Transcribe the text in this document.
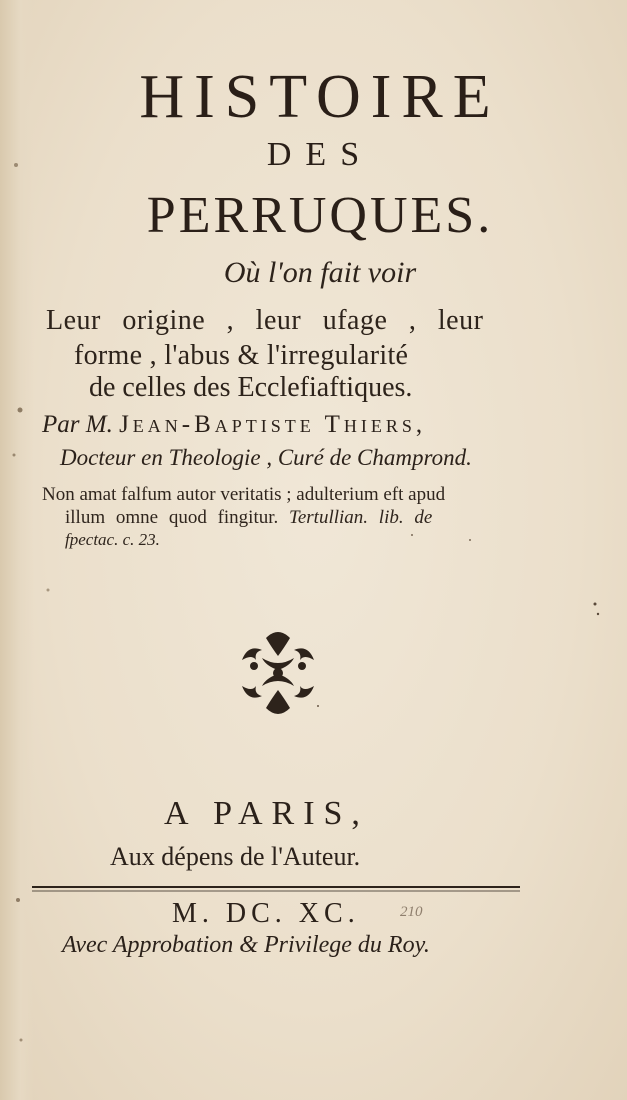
HISTOIRE
DES
PERRUQUES.
Où l'on fait voir
Leur origine , leur ufage , leur
forme , l'abus & l'irregularité
de celles des Ecclefiaftiques.
Par M. Jean-Baptiste Thiers,
Docteur en Theologie , Curé de Champrond.
Non amat falfum autor veritatis ; adulterium eft apud
illum omne quod fingitur. Tertullian. lib. de
fpectac. c. 23.
A PARIS,
Aux dépens de l'Auteur.
M. DC. XC.	210
Avec Approbation & Privilege du Roy.
